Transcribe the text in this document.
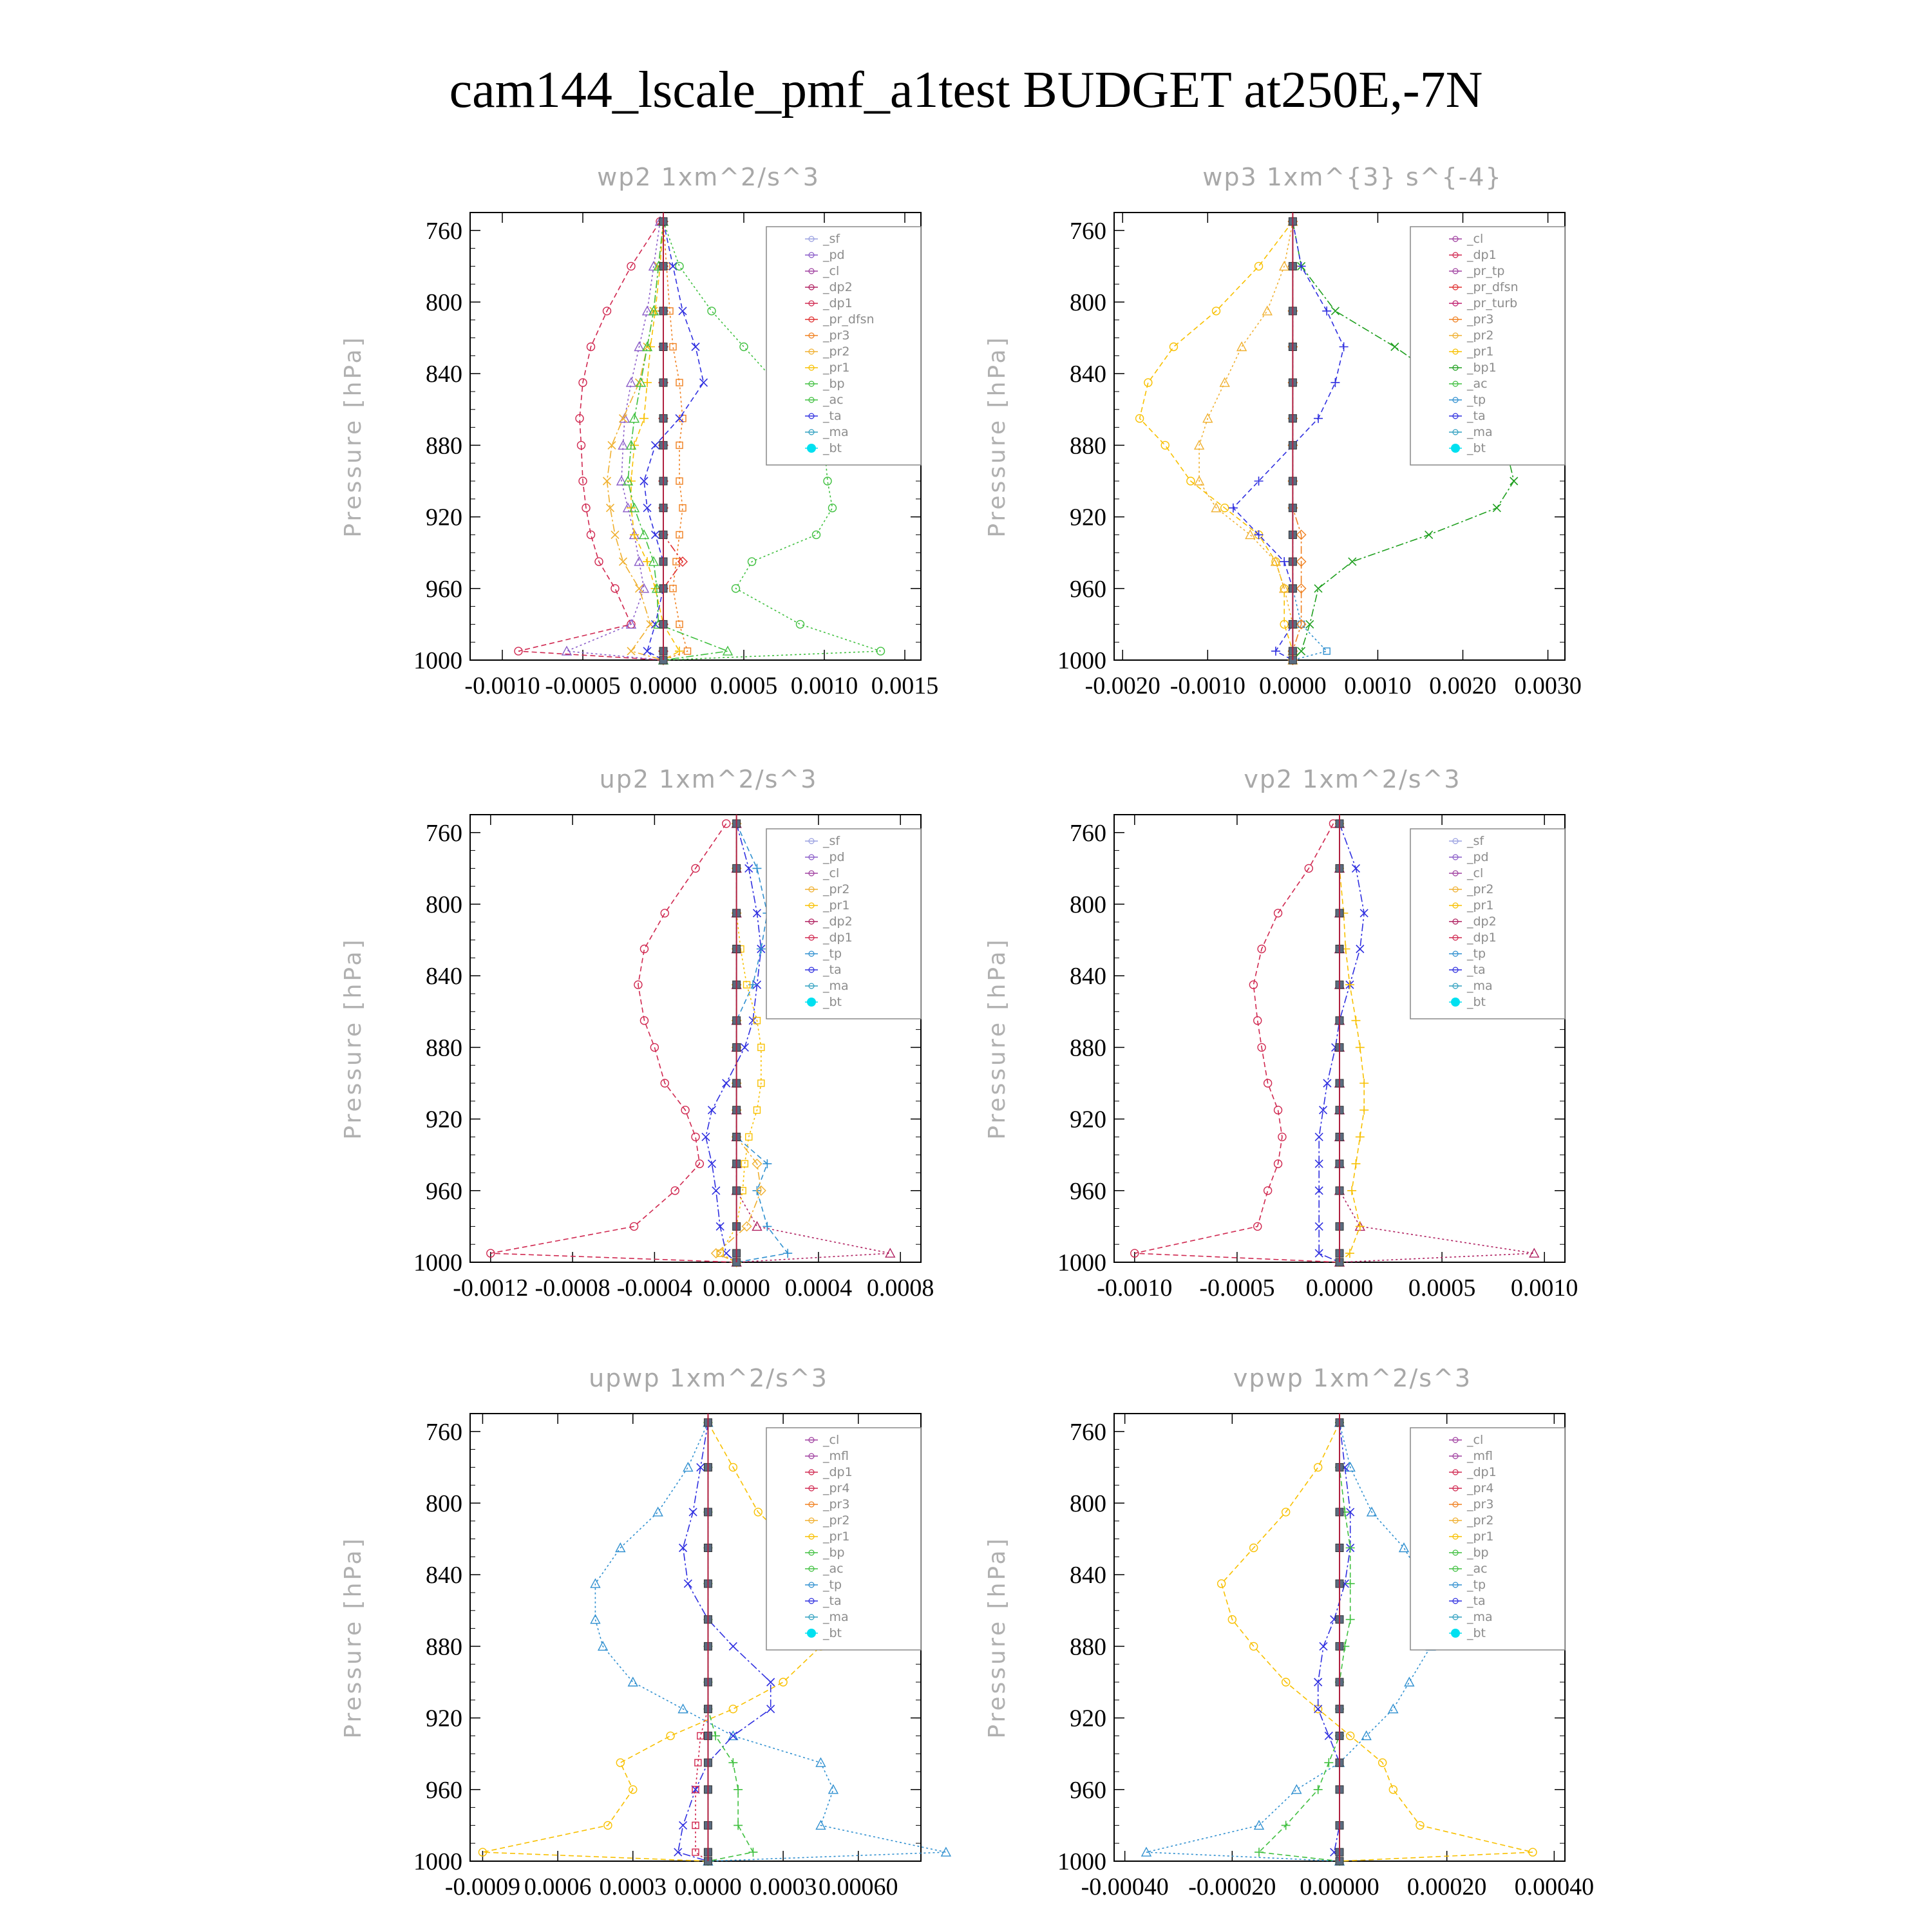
cam144_lscale_pmf_a1test BUDGET at250E,-7N
wp2 1xm^2/s^3
Pressure [hPa]
760
800
840
880
920
960
1000
-0.0010 -0.0005 0.0000 0.0005 0.0010 0.0015
_sf
_pd
_cl
_dp2
_dp1
_pr_dfsn
_pr3
_pr2
_pr1
_bp
_ac
_ta
_ma
_bt
wp3 1xm^{3} s^{-4}
Pressure [hPa]
760
800
840
880
920
960
1000
-0.0020 -0.0010 0.0000 0.0010 0.0020 0.0030
_cl
_dp1
_pr_tp
_pr_dfsn
_pr_turb
_pr3
_pr2
_pr1
_bp1
_ac
_tp
_ta
_ma
_bt
up2 1xm^2/s^3
Pressure [hPa]
760
800
840
880
920
960
1000
-0.0012 -0.0008 -0.0004 0.0000 0.0004 0.0008
_sf
_pd
_cl
_pr2
_pr1
_dp2
_dp1
_tp
_ta
_ma
_bt
vp2 1xm^2/s^3
Pressure [hPa]
760
800
840
880
920
960
1000
-0.0010 -0.0005 0.0000 0.0005 0.0010
_sf
_pd
_cl
_pr2
_pr1
_dp2
_dp1
_tp
_ta
_ma
_bt
upwp 1xm^2/s^3
Pressure [hPa]
760
800
840
880
920
960
1000
-0.0009 0.0006 0.0003 0.0000 0.0003 0.00060
_cl
_mfl
_dp1
_pr4
_pr3
_pr2
_pr1
_bp
_ac
_tp
_ta
_ma
_bt
vpwp 1xm^2/s^3
Pressure [hPa]
760
800
840
880
920
960
1000
-0.00040 -0.00020 0.00000 0.00020 0.00040
_cl
_mfl
_dp1
_pr4
_pr3
_pr2
_pr1
_bp
_ac
_tp
_ta
_ma
_bt
